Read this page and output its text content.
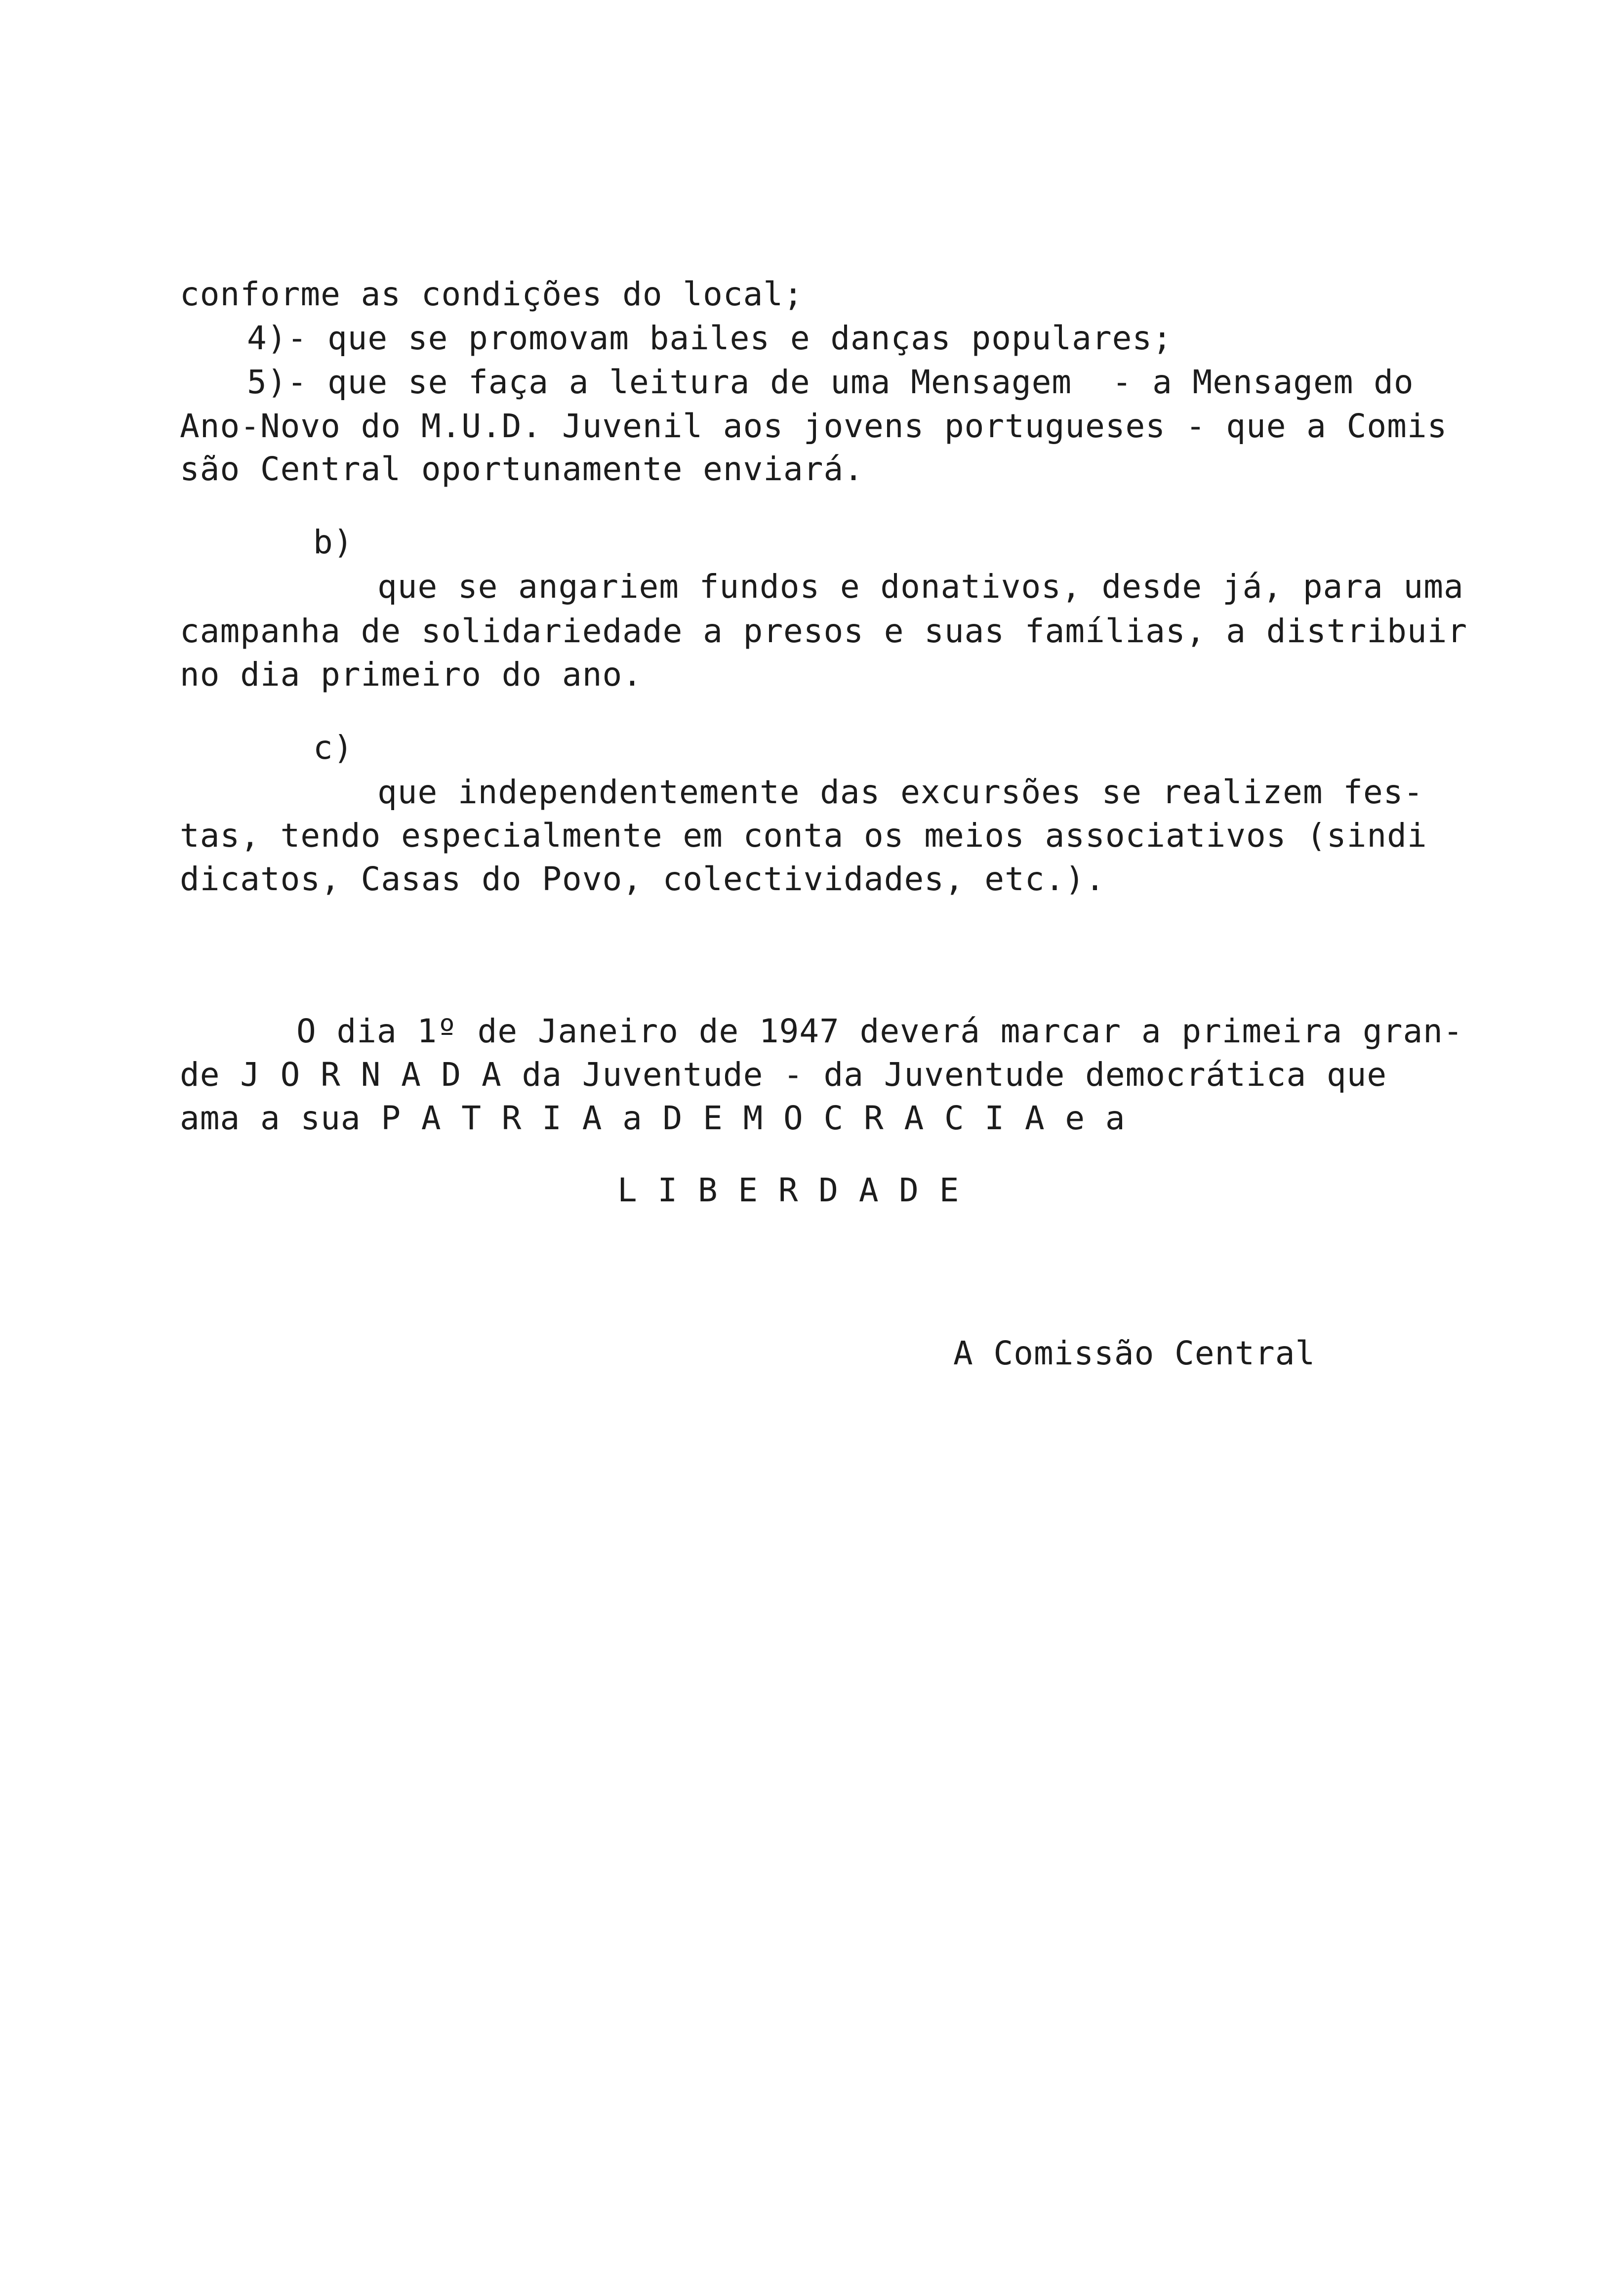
conforme as condições do local;
4)- que se promovam bailes e danças populares;
5)- que se faça a leitura de uma Mensagem  - a Mensagem do
Ano-Novo do M.U.D. Juvenil aos jovens portugueses - que a Comis
são Central oportunamente enviará.
b)
que se angariem fundos e donativos, desde já, para uma
campanha de solidariedade a presos e suas famílias, a distribuir
no dia primeiro do ano.
c)
que independentemente das excursões se realizem fes-
tas, tendo especialmente em conta os meios associativos (sindi
dicatos, Casas do Povo, colectividades, etc.).
O dia 1º de Janeiro de 1947 deverá marcar a primeira gran-
de J O R N A D A da Juventude - da Juventude democrática que
ama a sua P A T R I A a D E M O C R A C I A e a
L I B E R D A D E
A Comissão Central
